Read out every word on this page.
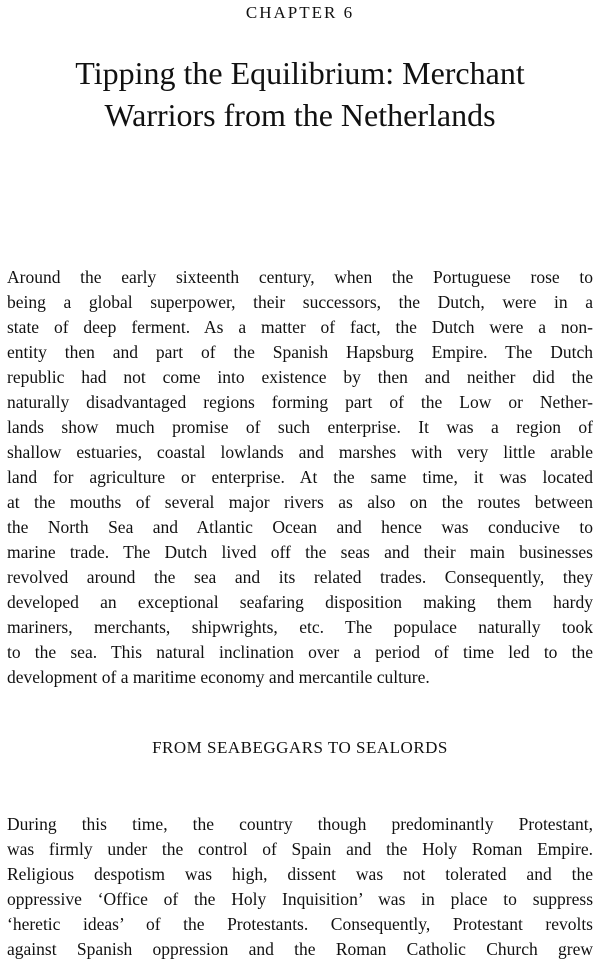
CHAPTER 6
Tipping the Equilibrium: Merchant
Warriors from the Netherlands

Around the early sixteenth century, when the Portuguese rose to
being a global superpower, their successors, the Dutch, were in a
state of deep ferment. As a matter of fact, the Dutch were a non-
entity then and part of the Spanish Hapsburg Empire. The Dutch
republic had not come into existence by then and neither did the
naturally disadvantaged regions forming part of the Low or Nether-
lands show much promise of such enterprise. It was a region of
shallow estuaries, coastal lowlands and marshes with very little arable
land for agriculture or enterprise. At the same time, it was located
at the mouths of several major rivers as also on the routes between
the North Sea and Atlantic Ocean and hence was conducive to
marine trade. The Dutch lived off the seas and their main businesses
revolved around the sea and its related trades. Consequently, they
developed an exceptional seafaring disposition making them hardy
mariners, merchants, shipwrights, etc. The populace naturally took
to the sea. This natural inclination over a period of time led to the
development of a maritime economy and mercantile culture.

FROM SEABEGGARS TO SEALORDS

During this time, the country though predominantly Protestant,
was firmly under the control of Spain and the Holy Roman Empire.
Religious despotism was high, dissent was not tolerated and the
oppressive ‘Office of the Holy Inquisition’ was in place to suppress
‘heretic ideas’ of the Protestants. Consequently, Protestant revolts
against Spanish oppression and the Roman Catholic Church grew
